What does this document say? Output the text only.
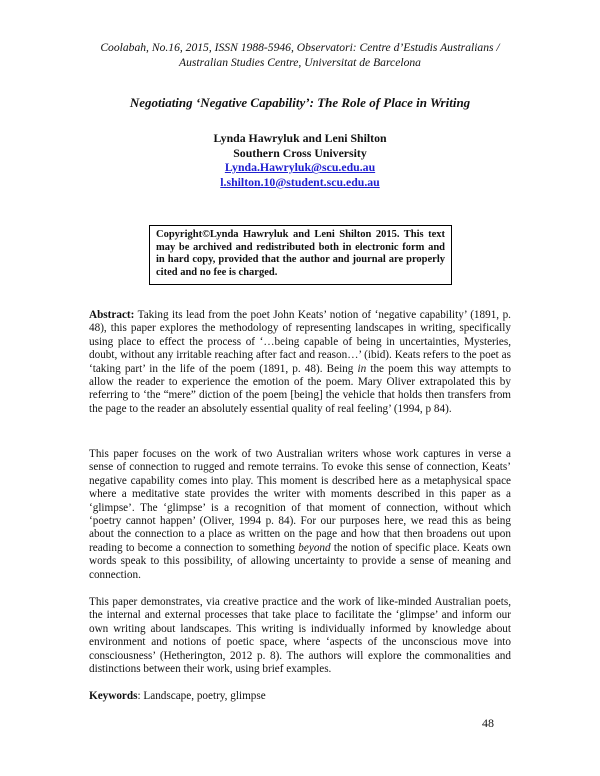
Coolabah, No.16, 2015, ISSN 1988-5946, Observatori: Centre d’Estudis Australians /
Australian Studies Centre, Universitat de Barcelona
Negotiating ‘Negative Capability’: The Role of Place in Writing
Lynda Hawryluk and Leni Shilton
Southern Cross University
Lynda.Hawryluk@scu.edu.au
l.shilton.10@student.scu.edu.au
Copyright©Lynda Hawryluk and Leni Shilton 2015. This text may be archived and redistributed both in electronic form and in hard copy, provided that the author and journal are properly cited and no fee is charged.

Abstract: Taking its lead from the poet John Keats’ notion of ‘negative capability’ (1891, p. 48), this paper explores the methodology of representing landscapes in writing, specifically using place to effect the process of ‘…being capable of being in uncertainties, Mysteries, doubt, without any irritable reaching after fact and reason…’ (ibid). Keats refers to the poet as ‘taking part’ in the life of the poem (1891, p. 48). Being in the poem this way attempts to allow the reader to experience the emotion of the poem. Mary Oliver extrapolated this by referring to ‘the “mere” diction of the poem [being] the vehicle that holds then transfers from the page to the reader an absolutely essential quality of real feeling’ (1994, p 84).

This paper focuses on the work of two Australian writers whose work captures in verse a sense of connection to rugged and remote terrains. To evoke this sense of connection, Keats’ negative capability comes into play. This moment is described here as a metaphysical space where a meditative state provides the writer with moments described in this paper as a ‘glimpse’. The ‘glimpse’ is a recognition of that moment of connection, without which ‘poetry cannot happen’ (Oliver, 1994 p. 84). For our purposes here, we read this as being about the connection to a place as written on the page and how that then broadens out upon reading to become a connection to something beyond the notion of specific place. Keats own words speak to this possibility, of allowing uncertainty to provide a sense of meaning and connection.

This paper demonstrates, via creative practice and the work of like-minded Australian poets, the internal and external processes that take place to facilitate the ‘glimpse’ and inform our own writing about landscapes. This writing is individually informed by knowledge about environment and notions of poetic space, where ‘aspects of the unconscious move into consciousness’ (Hetherington, 2012 p. 8). The authors will explore the commonalities and distinctions between their work, using brief examples.

Keywords: Landscape, poetry, glimpse

48
